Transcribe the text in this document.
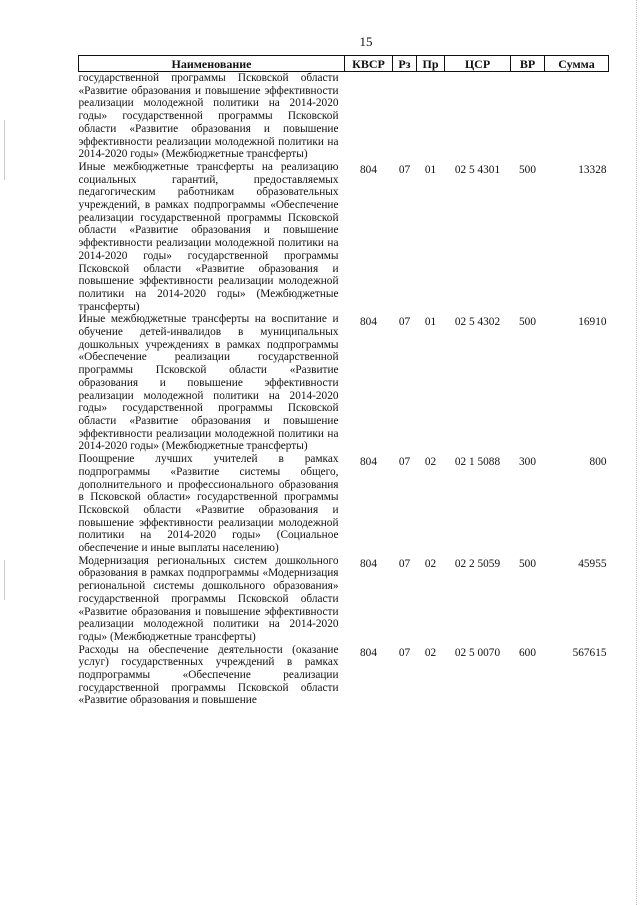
15
Наименование	КВСР	Рз	Пр	ЦСР	ВР	Сумма
государственной программы Псковской области «Развитие образования и повышение эффективности реализации молодежной политики на 2014-2020 годы» государственной программы Псковской области «Развитие образования и повышение эффективности реализации молодежной политики на 2014-2020 годы» (Межбюджетные трансферты)						
Иные межбюджетные трансферты на реализацию социальных гарантий, предоставляемых педагогическим работникам образовательных учреждений, в рамках подпрограммы «Обеспечение реализации государственной программы Псковской области «Развитие образования и повышение эффективности реализации молодежной политики на 2014-2020 годы» государственной программы Псковской области «Развитие образования и повышение эффективности реализации молодежной политики на 2014-2020 годы» (Межбюджетные трансферты)	804	07	01	02 5 4301	500	13328
Иные межбюджетные трансферты на воспитание и обучение детей-инвалидов в муниципальных дошкольных учреждениях в рамках подпрограммы «Обеспечение реализации государственной программы Псковской области «Развитие образования и повышение эффективности реализации молодежной политики на 2014-2020 годы» государственной программы Псковской области «Развитие образования и повышение эффективности реализации молодежной политики на 2014-2020 годы» (Межбюджетные трансферты)	804	07	01	02 5 4302	500	16910
Поощрение лучших учителей в рамках подпрограммы «Развитие системы общего, дополнительного и профессионального образования в Псковской области» государственной программы Псковской области «Развитие образования и повышение эффективности реализации молодежной политики на 2014-2020 годы» (Социальное обеспечение и иные выплаты населению)	804	07	02	02 1 5088	300	800
Модернизация региональных систем дошкольного образования в рамках подпрограммы «Модернизация региональной системы дошкольного образования» государственной программы Псковской области «Развитие образования и повышение эффективности реализации молодежной политики на 2014-2020 годы» (Межбюджетные трансферты)	804	07	02	02 2 5059	500	45955
Расходы на обеспечение деятельности (оказание услуг) государственных учреждений в рамках подпрограммы «Обеспечение реализации государственной программы Псковской области «Развитие образования и повышение	804	07	02	02 5 0070	600	567615
